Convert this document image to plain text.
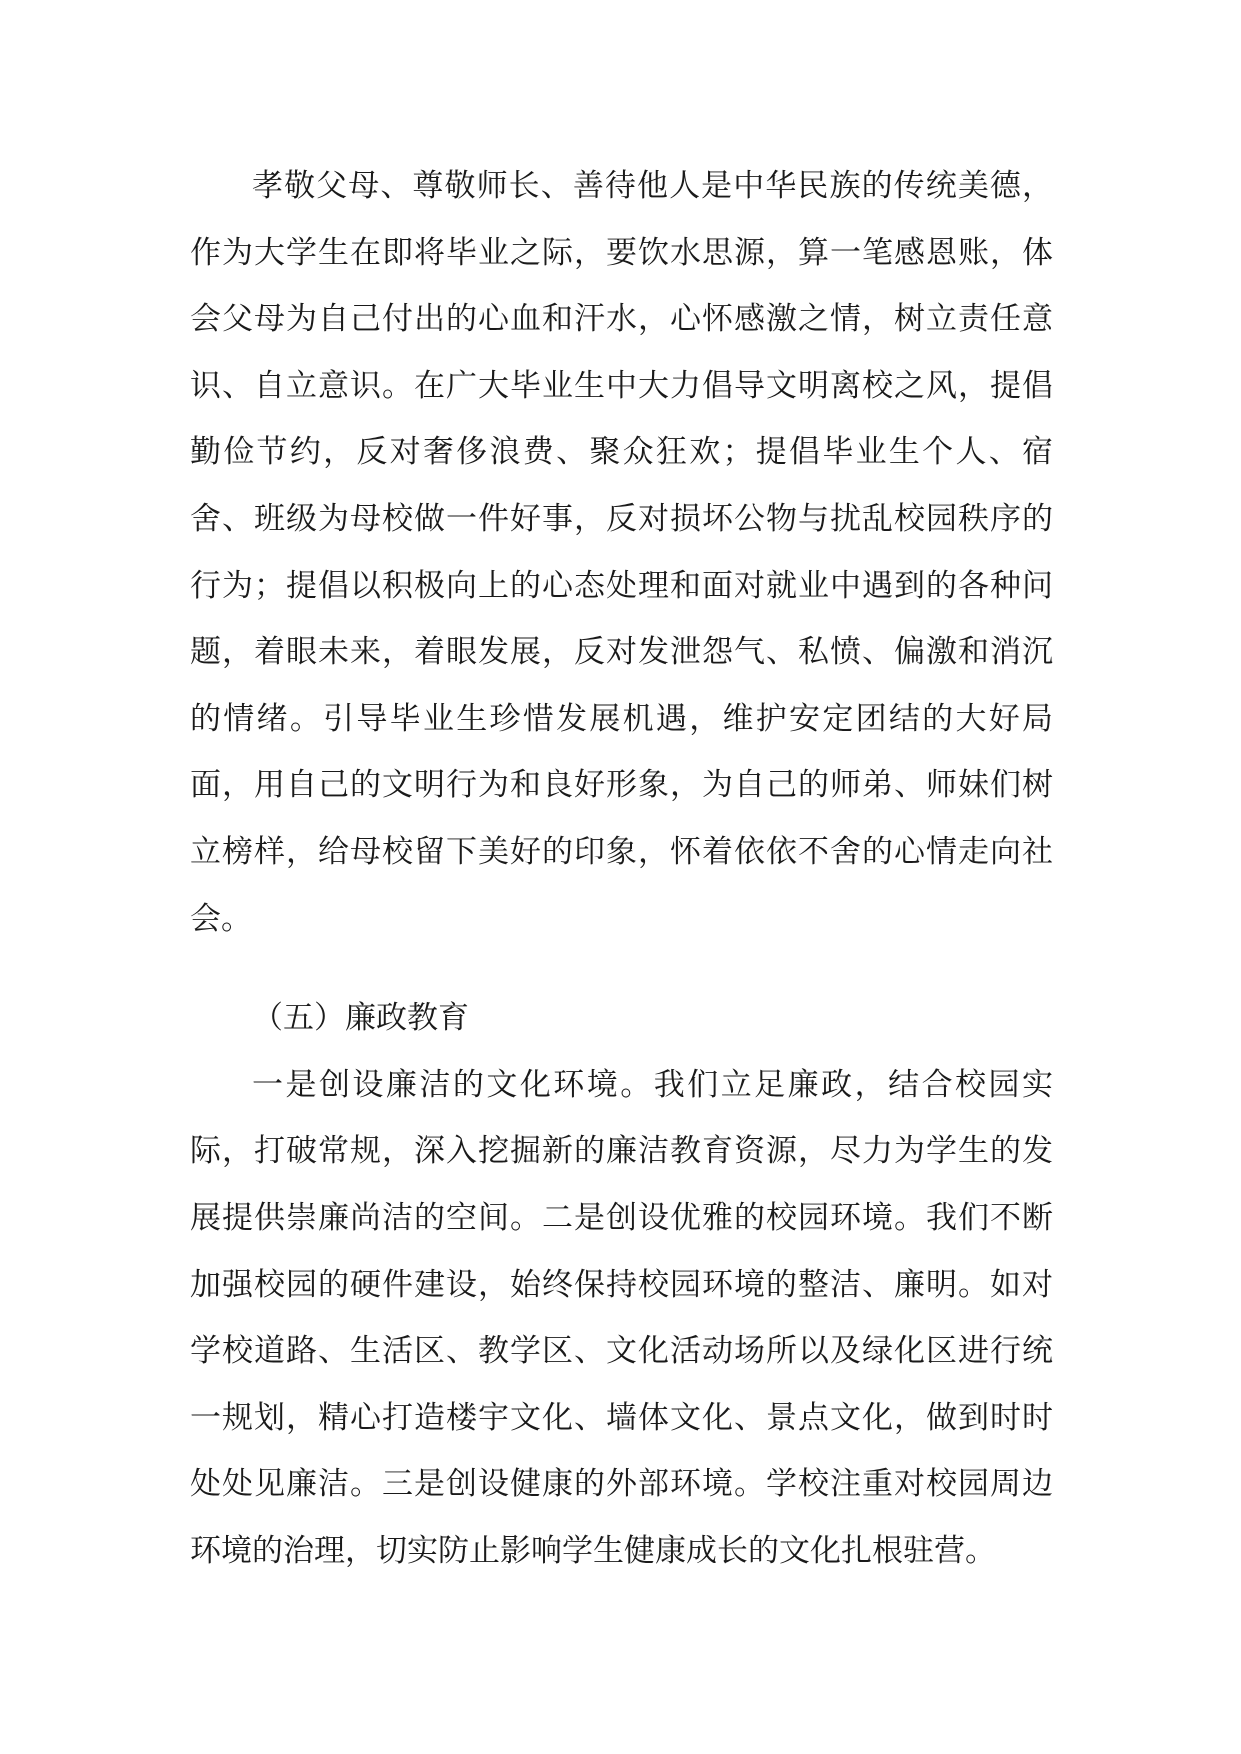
孝敬父母、尊敬师长、善待他人是中华民族的传统美德，作为大学生在即将毕业之际，要饮水思源，算一笔感恩账，体会父母为自己付出的心血和汗水，心怀感激之情，树立责任意识、自立意识。在广大毕业生中大力倡导文明离校之风，提倡勤俭节约，反对奢侈浪费、聚众狂欢；提倡毕业生个人、宿舍、班级为母校做一件好事，反对损坏公物与扰乱校园秩序的行为；提倡以积极向上的心态处理和面对就业中遇到的各种问题，着眼未来，着眼发展，反对发泄怨气、私愤、偏激和消沉的情绪。引导毕业生珍惜发展机遇，维护安定团结的大好局面，用自己的文明行为和良好形象，为自己的师弟、师妹们树立榜样，给母校留下美好的印象，怀着依依不舍的心情走向社会。

（五）廉政教育

一是创设廉洁的文化环境。我们立足廉政，结合校园实际，打破常规，深入挖掘新的廉洁教育资源，尽力为学生的发展提供崇廉尚洁的空间。二是创设优雅的校园环境。我们不断加强校园的硬件建设，始终保持校园环境的整洁、廉明。如对学校道路、生活区、教学区、文化活动场所以及绿化区进行统一规划，精心打造楼宇文化、墙体文化、景点文化，做到时时处处见廉洁。三是创设健康的外部环境。学校注重对校园周边环境的治理，切实防止影响学生健康成长的文化扎根驻营。
